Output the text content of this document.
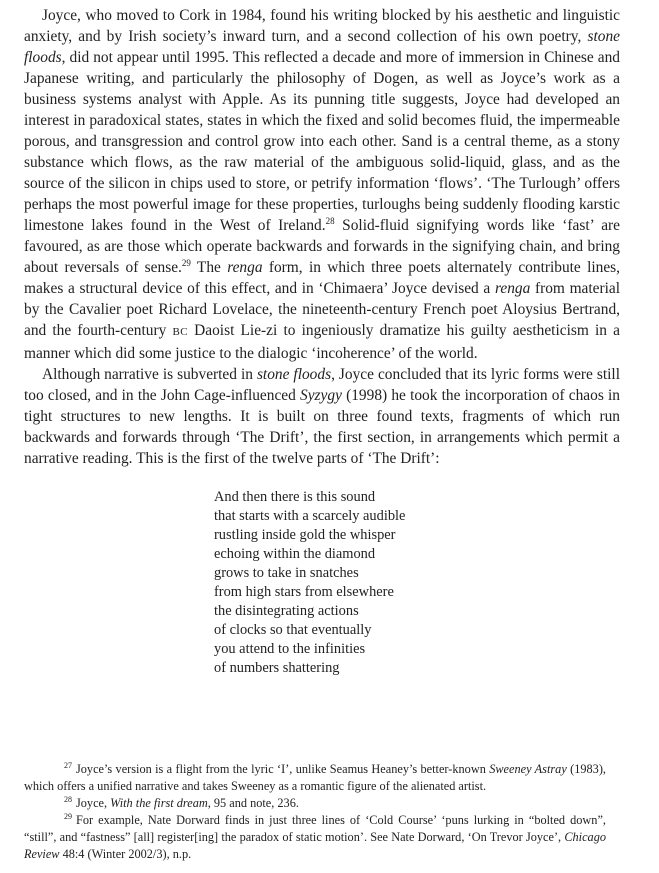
Joyce, who moved to Cork in 1984, found his writing blocked by his aesthetic and linguistic anxiety, and by Irish society’s inward turn, and a second collection of his own poetry, stone floods, did not appear until 1995. This reflected a decade and more of immersion in Chinese and Japanese writing, and particularly the philosophy of Dogen, as well as Joyce’s work as a business systems analyst with Apple. As its punning title suggests, Joyce had developed an interest in paradoxical states, states in which the fixed and solid becomes fluid, the impermeable porous, and transgression and control grow into each other. Sand is a central theme, as a stony substance which flows, as the raw material of the ambiguous solid-liquid, glass, and as the source of the silicon in chips used to store, or petrify information ‘flows’. ‘The Turlough’ offers perhaps the most powerful image for these properties, turloughs being suddenly flooding karstic limestone lakes found in the West of Ireland.$^{28}$ Solid-fluid signifying words like ‘fast’ are favoured, as are those which operate backwards and forwards in the signifying chain, and bring about reversals of sense.$^{29}$ The renga form, in which three poets alternately contribute lines, makes a structural device of this effect, and in ‘Chimaera’ Joyce devised a renga from material by the Cavalier poet Richard Lovelace, the nineteenth-century French poet Aloysius Bertrand, and the fourth-century BC Daoist Lie-zi to ingeniously dramatize his guilty aestheticism in a manner which did some justice to the dialogic ‘incoherence’ of the world.

Although narrative is subverted in stone floods, Joyce concluded that its lyric forms were still too closed, and in the John Cage-influenced Syzygy (1998) he took the incorporation of chaos in tight structures to new lengths. It is built on three found texts, fragments of which run backwards and forwards through ‘The Drift’, the first section, in arrangements which permit a narrative reading. This is the first of the twelve parts of ‘The Drift’:

And then there is this sound
that starts with a scarcely audible
rustling inside gold the whisper
echoing within the diamond
grows to take in snatches
from high stars from elsewhere
the disintegrating actions
of clocks so that eventually
you attend to the infinities
of numbers shattering

$^{27}$ Joyce’s version is a flight from the lyric ‘I’, unlike Seamus Heaney’s better-known Sweeney Astray (1983), which offers a unified narrative and takes Sweeney as a romantic figure of the alienated artist.

$^{28}$ Joyce, With the first dream, 95 and note, 236.

$^{29}$ For example, Nate Dorward finds in just three lines of ‘Cold Course’ ‘puns lurking in “bolted down”, “still”, and “fastness” [all] register[ing] the paradox of static motion’. See Nate Dorward, ‘On Trevor Joyce’, Chicago Review 48:4 (Winter 2002/3), n.p.
